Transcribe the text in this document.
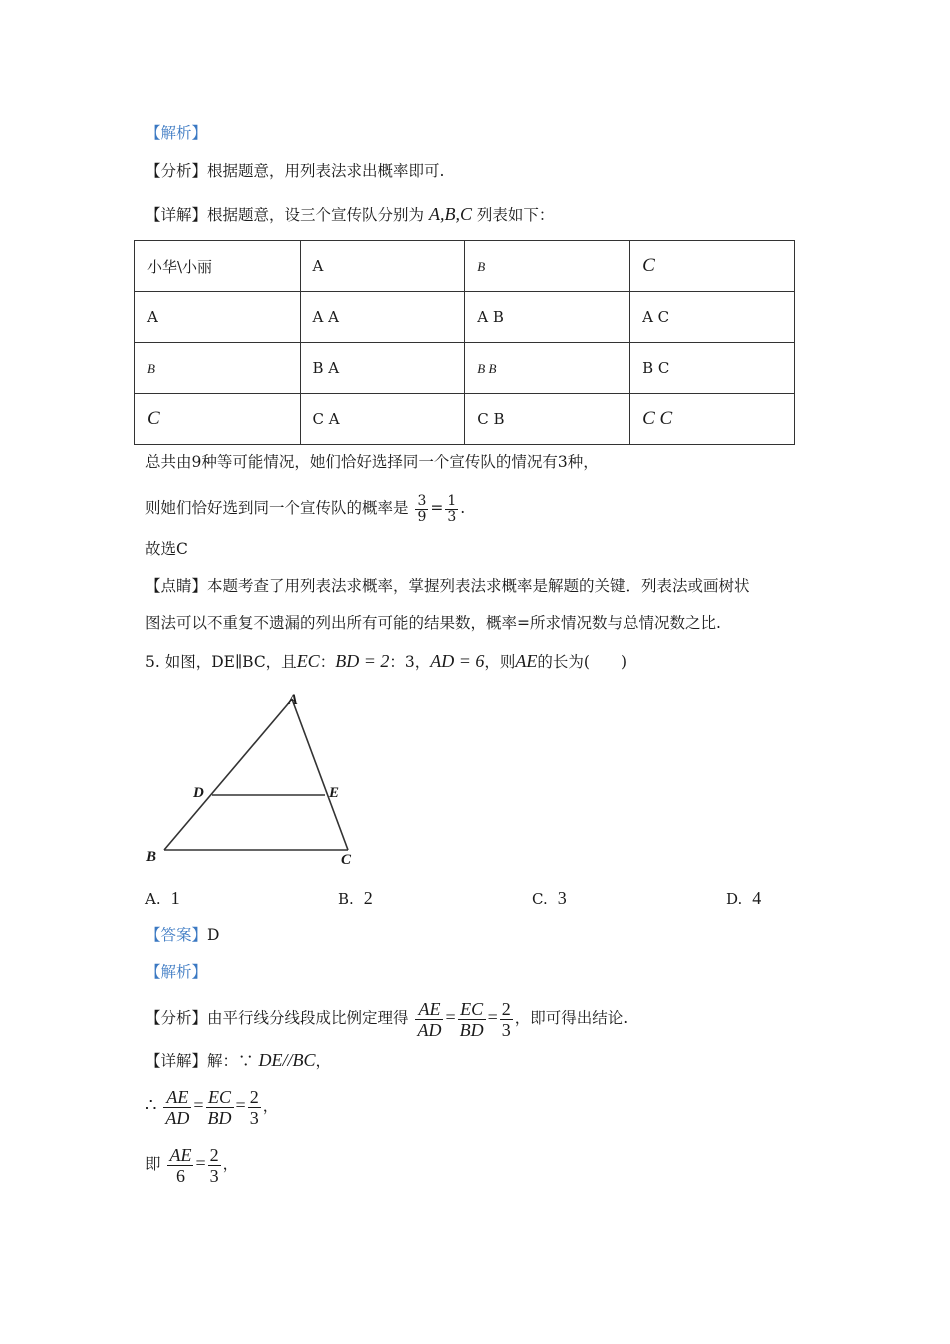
【解析】
【分析】根据题意，用列表法求出概率即可.
【详解】根据题意，设三个宣传队分别为 A,B,C 列表如下：
小华\小丽	A	B	C
A	A A	A B	A C
B	B A	B B	B C
C	C A	C B	C C
总共由9种等可能情况，她们恰好选择同一个宣传队的情况有3种，
则她们恰好选到同一个宣传队的概率是 $\frac{3}{9} = \frac{1}{3}$ .
故选C
【点睛】本题考查了用列表法求概率，掌握列表法求概率是解题的关键．列表法或画树状
图法可以不重复不遗漏的列出所有可能的结果数，概率=所求情况数与总情况数之比.
5. 如图，DE∥BC，且EC：BD = 2：3，AD = 6，则AE的长为(　　)
A
B	C
D	E
A. 1	B. 2	C. 3	D. 4
【答案】D
【解析】
【分析】由平行线分线段成比例定理得 $\frac{AE}{AD} = \frac{EC}{BD} = \frac{2}{3}$ ，即可得出结论.
【详解】解：∵ DE//BC，
∴ $\frac{AE}{AD} = \frac{EC}{BD} = \frac{2}{3}$ ，
即 $\frac{AE}{6} = \frac{2}{3}$ ，
